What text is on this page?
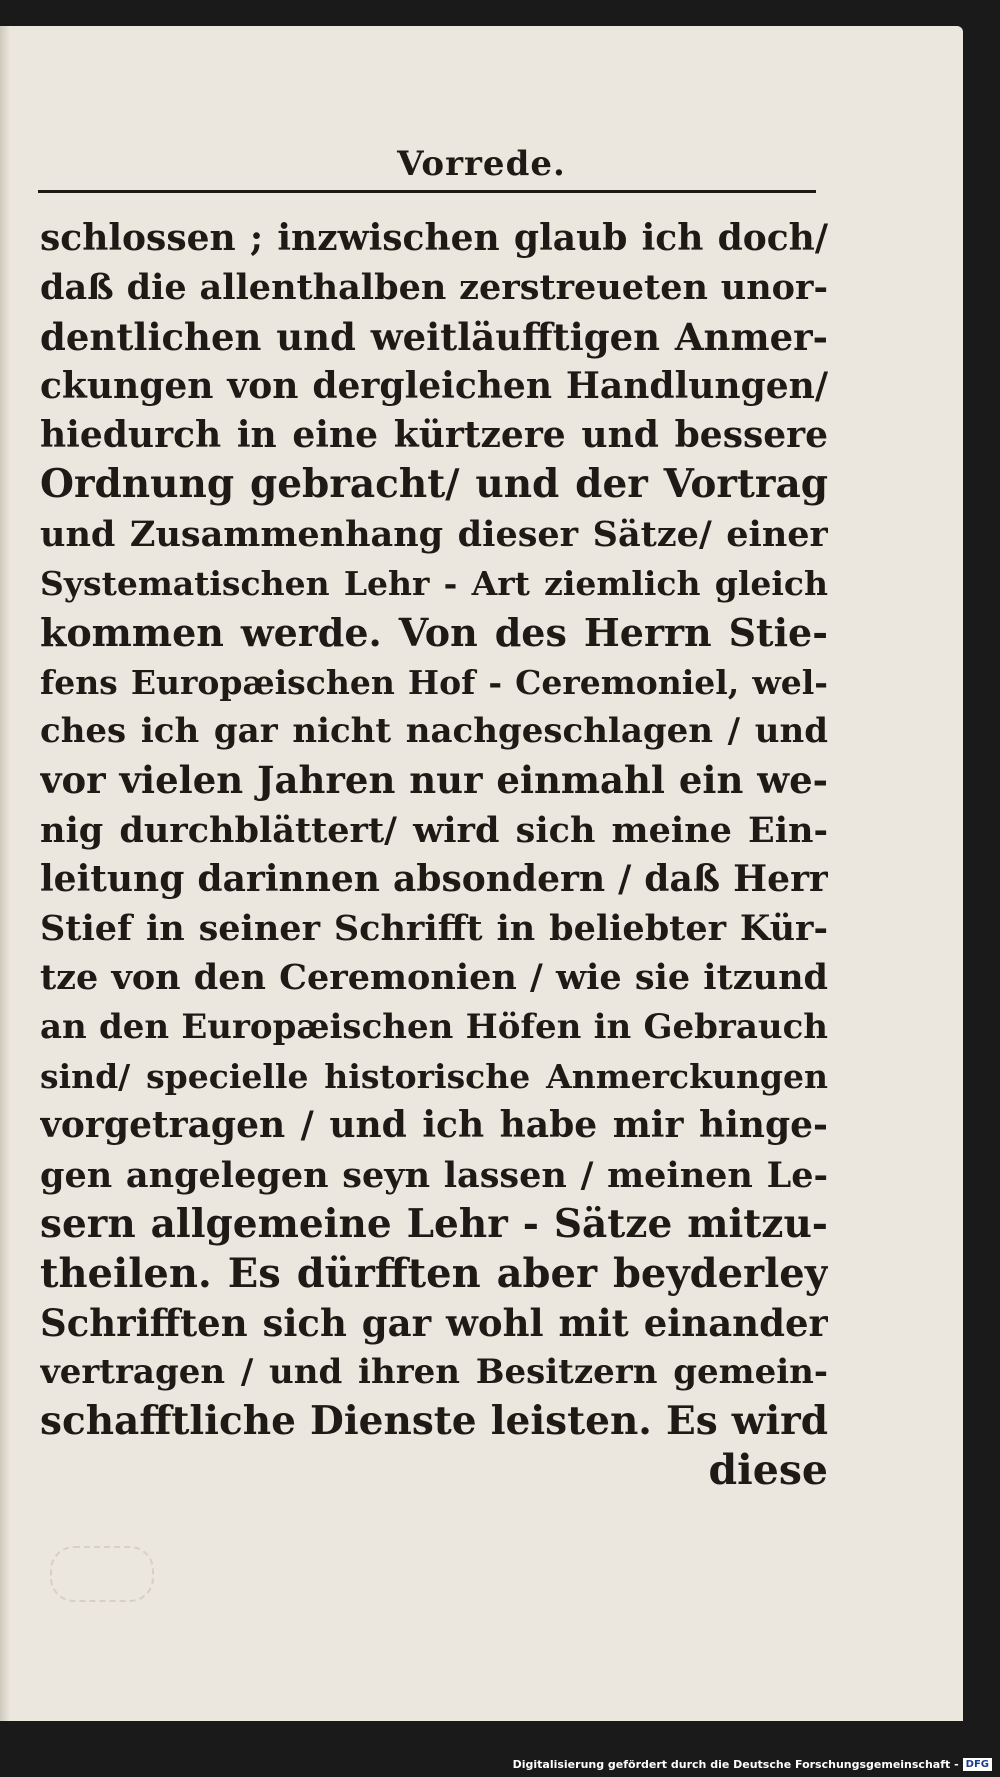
Vorrede.
schlossen ; inzwischen glaub ich doch/
daß die allenthalben zerstreueten unor-
dentlichen und weitläufftigen Anmer-
ckungen von dergleichen Handlungen/
hiedurch in eine kürtzere und bessere
Ordnung gebracht/ und der Vortrag
und Zusammenhang dieser Sätze/ einer
Systematischen Lehr - Art ziemlich gleich
kommen werde. Von des Herrn Stie-
fens Europæischen Hof - Ceremoniel, wel-
ches ich gar nicht nachgeschlagen / und
vor vielen Jahren nur einmahl ein we-
nig durchblättert/ wird sich meine Ein-
leitung darinnen absondern / daß Herr
Stief in seiner Schrifft in beliebter Kür-
tze von den Ceremonien / wie sie itzund
an den Europæischen Höfen in Gebrauch
sind/ specielle historische Anmerckungen
vorgetragen / und ich habe mir hinge-
gen angelegen seyn lassen / meinen Le-
sern allgemeine Lehr - Sätze mitzu-
theilen. Es dürfften aber beyderley
Schrifften sich gar wohl mit einander
vertragen / und ihren Besitzern gemein-
schafftliche Dienste leisten. Es wird
diese
Digitalisierung gefördert durch die Deutsche Forschungsgemeinschaft - DFG
